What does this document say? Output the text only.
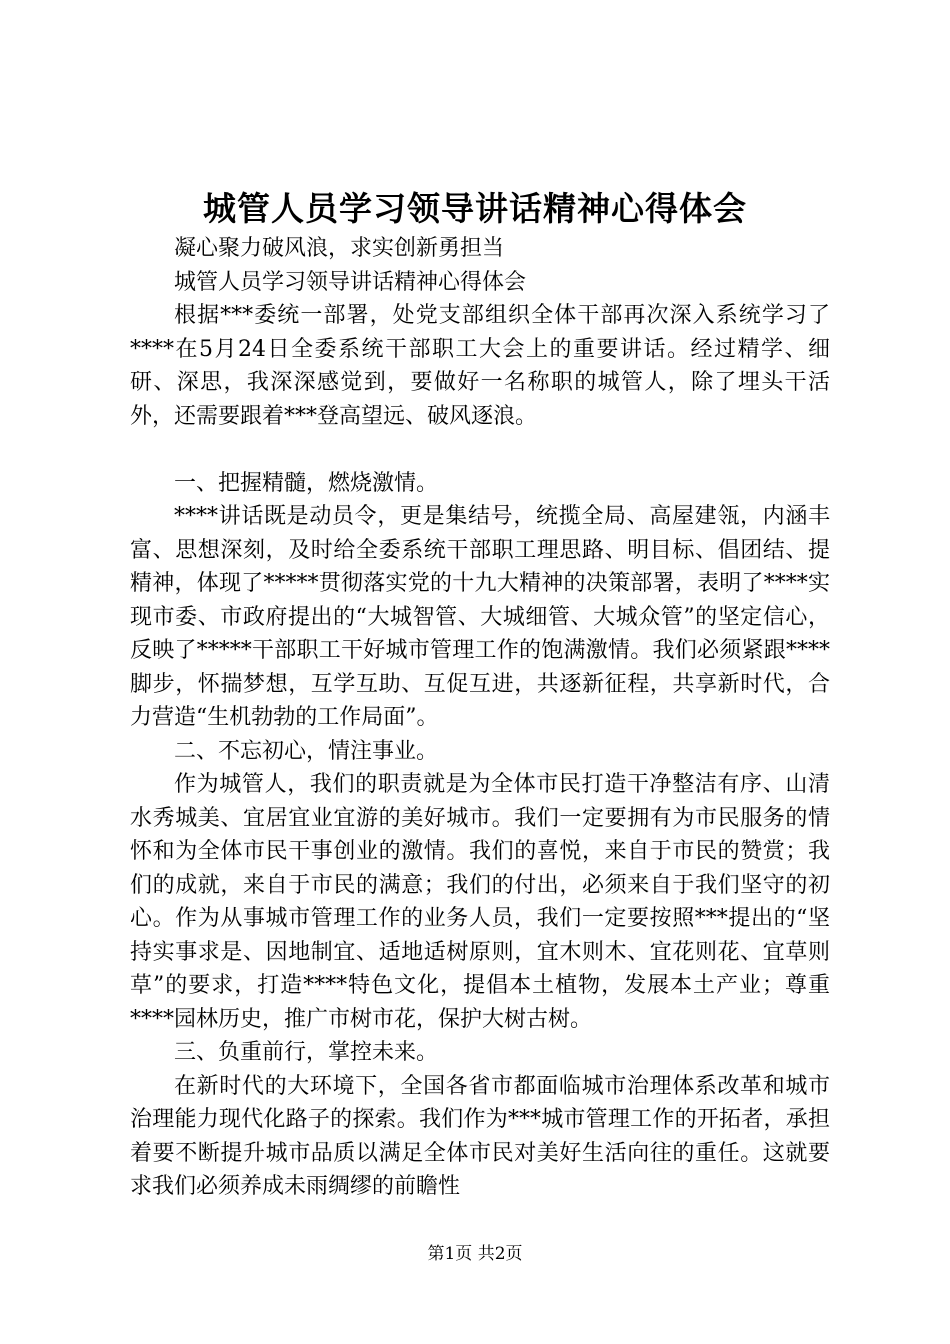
城管人员学习领导讲话精神心得体会

凝心聚力破风浪，求实创新勇担当

城管人员学习领导讲话精神心得体会

根据***委统一部署，处党支部组织全体干部再次深入系统学习了****在5月24日全委系统干部职工大会上的重要讲话。经过精学、细研、深思，我深深感觉到，要做好一名称职的城管人，除了埋头干活外，还需要跟着***登高望远、破风逐浪。

一、把握精髓，燃烧激情。

****讲话既是动员令，更是集结号，统揽全局、高屋建瓴，内涵丰富、思想深刻，及时给全委系统干部职工理思路、明目标、倡团结、提精神，体现了*****贯彻落实党的十九大精神的决策部署，表明了****实现市委、市政府提出的“大城智管、大城细管、大城众管”的坚定信心，反映了*****干部职工干好城市管理工作的饱满激情。我们必须紧跟****脚步，怀揣梦想，互学互助、互促互进，共逐新征程，共享新时代，合力营造“生机勃勃的工作局面”。

二、不忘初心，情注事业。

作为城管人，我们的职责就是为全体市民打造干净整洁有序、山清水秀城美、宜居宜业宜游的美好城市。我们一定要拥有为市民服务的情怀和为全体市民干事创业的激情。我们的喜悦，来自于市民的赞赏；我们的成就，来自于市民的满意；我们的付出，必须来自于我们坚守的初心。作为从事城市管理工作的业务人员，我们一定要按照***提出的“坚持实事求是、因地制宜、适地适树原则，宜木则木、宜花则花、宜草则草”的要求，打造****特色文化，提倡本土植物，发展本土产业；尊重****园林历史，推广市树市花，保护大树古树。

三、负重前行，掌控未来。

在新时代的大环境下，全国各省市都面临城市治理体系改革和城市治理能力现代化路子的探索。我们作为***城市管理工作的开拓者，承担着要不断提升城市品质以满足全体市民对美好生活向往的重任。这就要求我们必须养成未雨绸缪的前瞻性

第1页 共2页
